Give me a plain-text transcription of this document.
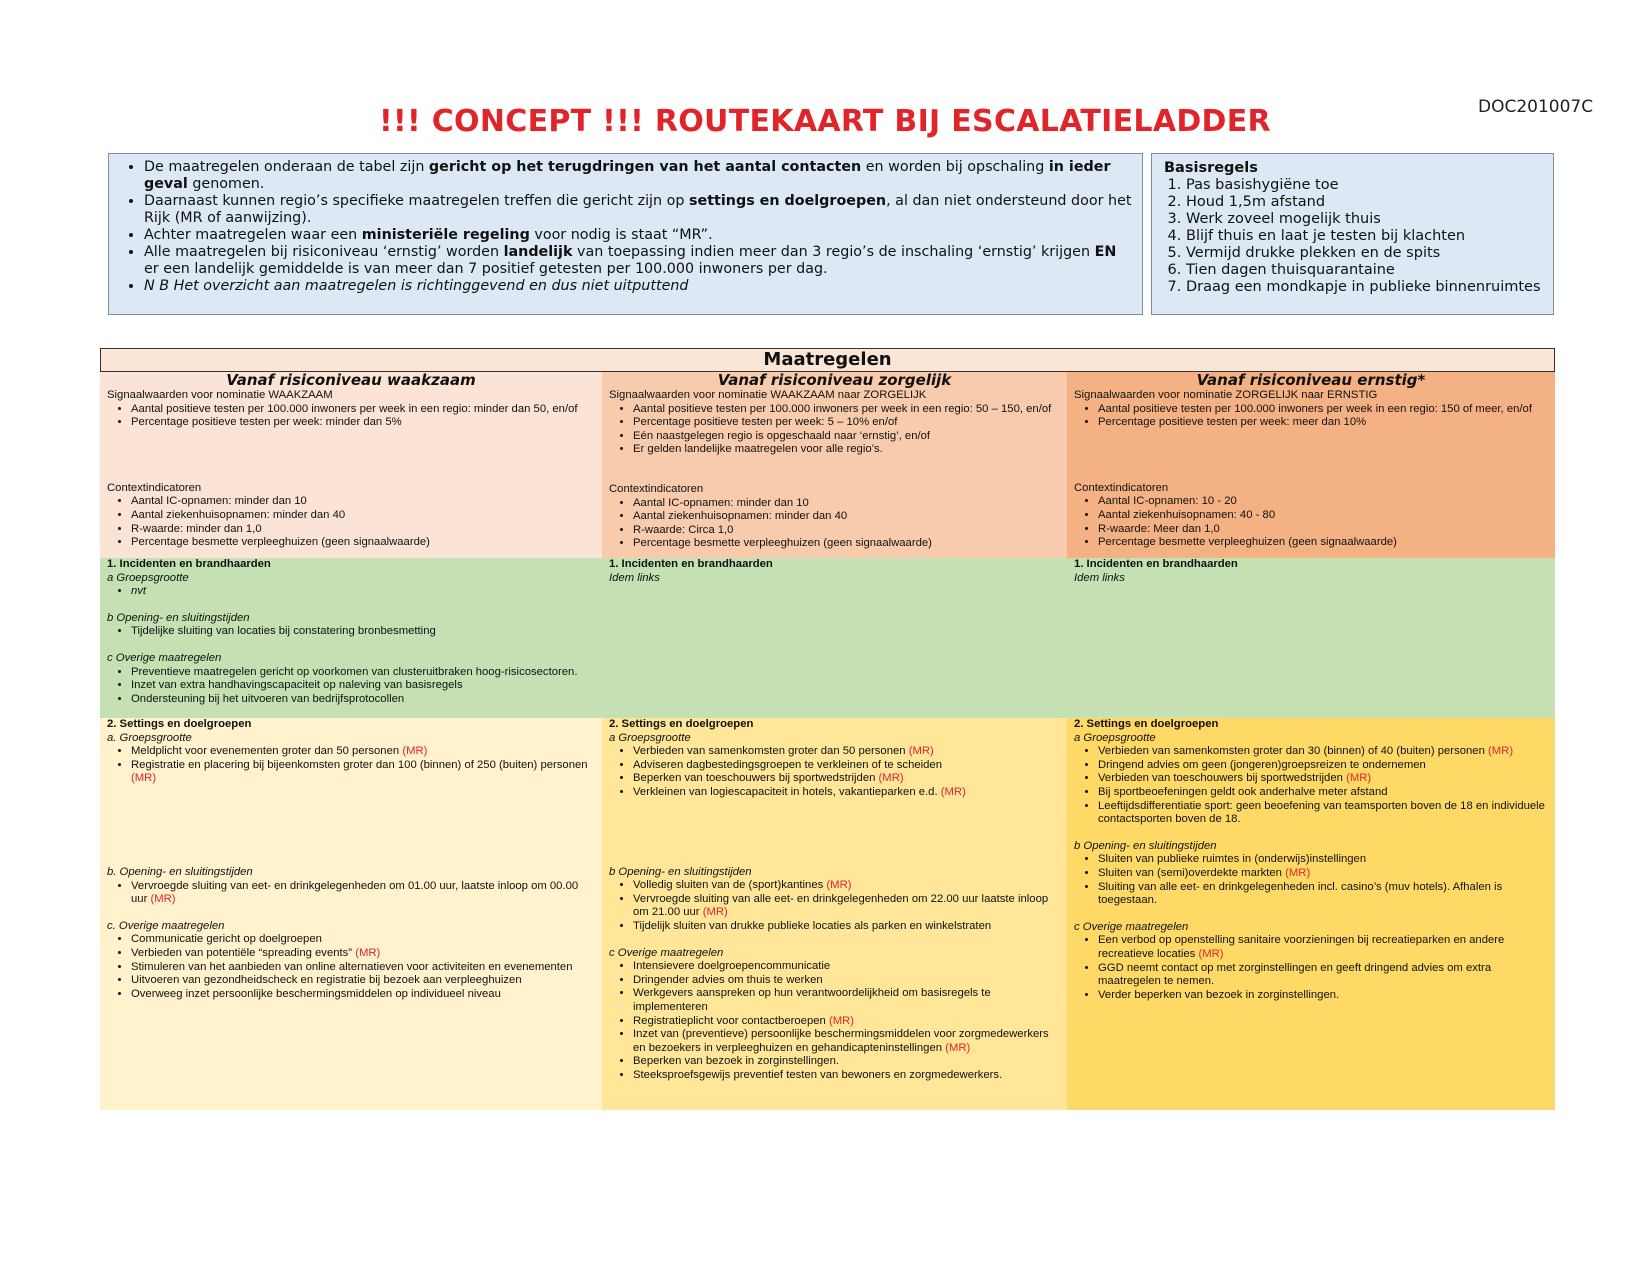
DOC201007C
!!! CONCEPT !!! ROUTEKAART BIJ ESCALATIELADDER
• De maatregelen onderaan de tabel zijn gericht op het terugdringen van het aantal contacten en worden bij opschaling in ieder geval genomen.
• Daarnaast kunnen regio’s specifieke maatregelen treffen die gericht zijn op settings en doelgroepen, al dan niet ondersteund door het Rijk (MR of aanwijzing).
• Achter maatregelen waar een ministeriële regeling voor nodig is staat “MR”.
• Alle maatregelen bij risiconiveau ‘ernstig’ worden landelijk van toepassing indien meer dan 3 regio’s de inschaling ‘ernstig’ krijgen EN er een landelijk gemiddelde is van meer dan 7 positief getesten per 100.000 inwoners per dag.
• N B Het overzicht aan maatregelen is richtinggevend en dus niet uitputtend
Basisregels
1. Pas basishygiëne toe
2. Houd 1,5m afstand
3. Werk zoveel mogelijk thuis
4. Blijf thuis en laat je testen bij klachten
5. Vermijd drukke plekken en de spits
6. Tien dagen thuisquarantaine
7. Draag een mondkapje in publieke binnenruimtes
Maatregelen
Vanaf risiconiveau waakzaam
Signaalwaarden voor nominatie WAAKZAAM
• Aantal positieve testen per 100.000 inwoners per week in een regio: minder dan 50, en/of
• Percentage positieve testen per week: minder dan 5%
Contextindicatoren
• Aantal IC-opnamen: minder dan 10
• Aantal ziekenhuisopnamen: minder dan 40
• R-waarde: minder dan 1,0
• Percentage besmette verpleeghuizen (geen signaalwaarde)
Vanaf risiconiveau zorgelijk
Signaalwaarden voor nominatie WAAKZAAM naar ZORGELIJK
• Aantal positieve testen per 100.000 inwoners per week in een regio: 50 – 150, en/of
• Percentage positieve testen per week: 5 – 10% en/of
• Eén naastgelegen regio is opgeschaald naar ‘ernstig’, en/of
• Er gelden landelijke maatregelen voor alle regio’s.
Contextindicatoren
• Aantal IC-opnamen: minder dan 10
• Aantal ziekenhuisopnamen: minder dan 40
• R-waarde: Circa 1,0
• Percentage besmette verpleeghuizen (geen signaalwaarde)
Vanaf risiconiveau ernstig*
Signaalwaarden voor nominatie ZORGELIJK naar ERNSTIG
• Aantal positieve testen per 100.000 inwoners per week in een regio: 150 of meer, en/of
• Percentage positieve testen per week: meer dan 10%
Contextindicatoren
• Aantal IC-opnamen: 10 - 20
• Aantal ziekenhuisopnamen: 40 - 80
• R-waarde: Meer dan 1,0
• Percentage besmette verpleeghuizen (geen signaalwaarde)
1. Incidenten en brandhaarden
a Groepsgrootte
• nvt
b Opening- en sluitingstijden
• Tijdelijke sluiting van locaties bij constatering bronbesmetting
c Overige maatregelen
• Preventieve maatregelen gericht op voorkomen van clusteruitbraken hoog-risicosectoren.
• Inzet van extra handhavingscapaciteit op naleving van basisregels
• Ondersteuning bij het uitvoeren van bedrijfsprotocollen
1. Incidenten en brandhaarden
Idem links
1. Incidenten en brandhaarden
Idem links
2. Settings en doelgroepen
a. Groepsgrootte
• Meldplicht voor evenementen groter dan 50 personen (MR)
• Registratie en placering bij bijeenkomsten groter dan 100 (binnen) of 250 (buiten) personen (MR)
b. Opening- en sluitingstijden
• Vervroegde sluiting van eet- en drinkgelegenheden om 01.00 uur, laatste inloop om 00.00 uur (MR)
c. Overige maatregelen
• Communicatie gericht op doelgroepen
• Verbieden van potentiële “spreading events” (MR)
• Stimuleren van het aanbieden van online alternatieven voor activiteiten en evenementen
• Uitvoeren van gezondheidscheck en registratie bij bezoek aan verpleeghuizen
• Overweeg inzet persoonlijke beschermingsmiddelen op individueel niveau
2. Settings en doelgroepen
a Groepsgrootte
• Verbieden van samenkomsten groter dan 50 personen (MR)
• Adviseren dagbestedingsgroepen te verkleinen of te scheiden
• Beperken van toeschouwers bij sportwedstrijden (MR)
• Verkleinen van logiescapaciteit in hotels, vakantieparken e.d. (MR)
b Opening- en sluitingstijden
• Volledig sluiten van de (sport)kantines (MR)
• Vervroegde sluiting van alle eet- en drinkgelegenheden om 22.00 uur laatste inloop om 21.00 uur (MR)
• Tijdelijk sluiten van drukke publieke locaties als parken en winkelstraten
c Overige maatregelen
• Intensievere doelgroepencommunicatie
• Dringender advies om thuis te werken
• Werkgevers aanspreken op hun verantwoordelijkheid om basisregels te implementeren
• Registratieplicht voor contactberoepen (MR)
• Inzet van (preventieve) persoonlijke beschermingsmiddelen voor zorgmedewerkers en bezoekers in verpleeghuizen en gehandicapteninstellingen (MR)
• Beperken van bezoek in zorginstellingen.
• Steeksproefsgewijs preventief testen van bewoners en zorgmedewerkers.
2. Settings en doelgroepen
a Groepsgrootte
• Verbieden van samenkomsten groter dan 30 (binnen) of 40 (buiten) personen (MR)
• Dringend advies om geen (jongeren)groepsreizen te ondernemen
• Verbieden van toeschouwers bij sportwedstrijden (MR)
• Bij sportbeoefeningen geldt ook anderhalve meter afstand
• Leeftijdsdifferentiatie sport: geen beoefening van teamsporten boven de 18 en individuele contactsporten boven de 18.
b Opening- en sluitingstijden
• Sluiten van publieke ruimtes in (onderwijs)instellingen
• Sluiten van (semi)overdekte markten (MR)
• Sluiting van alle eet- en drinkgelegenheden incl. casino’s (muv hotels). Afhalen is toegestaan.
c Overige maatregelen
• Een verbod op openstelling sanitaire voorzieningen bij recreatieparken en andere recreatieve locaties (MR)
• GGD neemt contact op met zorginstellingen en geeft dringend advies om extra maatregelen te nemen.
• Verder beperken van bezoek in zorginstellingen.
